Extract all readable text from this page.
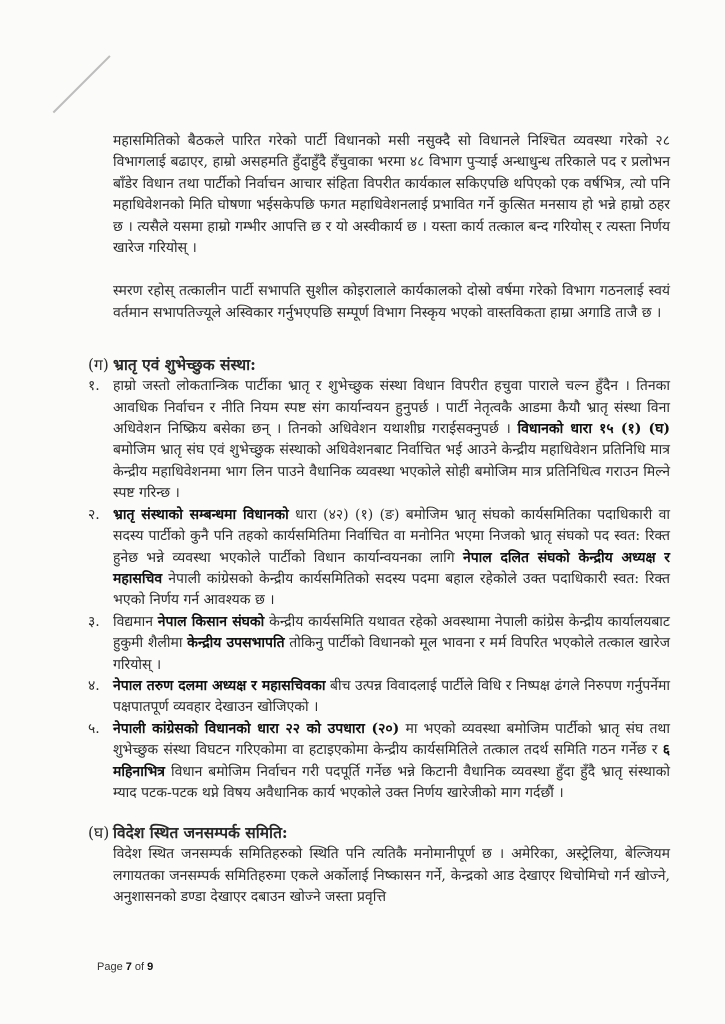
महासमितिको बैठकले पारित गरेको पार्टी विधानको मसी नसुक्दै सो विधानले निश्चित व्यवस्था गरेको २८ विभागलाई बढाएर, हाम्रो असहमति हुँदाहुँदै हँचुवाका भरमा ४८ विभाग पुऱ्याई अन्धाधुन्ध तरिकाले पद र प्रलोभन बाँडेर विधान तथा पार्टीको निर्वाचन आचार संहिता विपरीत कार्यकाल सकिएपछि थपिएको एक वर्षभित्र, त्यो पनि महाधिवेशनको मिति घोषणा भईसकेपछि फगत महाधिवेशनलाई प्रभावित गर्ने कुत्सित मनसाय हो भन्ने हाम्रो ठहर छ । त्यसैले यसमा हाम्रो गम्भीर आपत्ति छ र यो अस्वीकार्य छ । यस्ता कार्य तत्काल बन्द गरियोस् र त्यस्ता निर्णय खारेज गरियोस् ।

स्मरण रहोस् तत्कालीन पार्टी सभापति सुशील कोइरालाले कार्यकालको दोस्रो वर्षमा गरेको विभाग गठनलाई स्वयं वर्तमान सभापतिज्यूले अस्विकार गर्नुभएपछि सम्पूर्ण विभाग निस्कृय भएको वास्तविकता हाम्रा अगाडि ताजै छ ।

(ग) भ्रातृ एवं शुभेच्छुक संस्था:
१. हाम्रो जस्तो लोकतान्त्रिक पार्टीका भ्रातृ र शुभेच्छुक संस्था विधान विपरीत हचुवा पाराले चल्न हुँदैन । तिनका आवधिक निर्वाचन र नीति नियम स्पष्ट संग कार्यान्वयन हुनुपर्छ । पार्टी नेतृत्वकै आडमा कैयौ भ्रातृ संस्था विना अधिवेशन निष्क्रिय बसेका छन् । तिनको अधिवेशन यथाशीघ्र गराईसक्नुपर्छ । विधानको धारा १५ (१) (घ) बमोजिम भ्रातृ संघ एवं शुभेच्छुक संस्थाको अधिवेशनबाट निर्वाचित भई आउने केन्द्रीय महाधिवेशन प्रतिनिधि मात्र केन्द्रीय महाधिवेशनमा भाग लिन पाउने वैधानिक व्यवस्था भएकोले सोही बमोजिम मात्र प्रतिनिधित्व गराउन मिल्ने स्पष्ट गरिन्छ ।
२. भ्रातृ संस्थाको सम्बन्धमा विधानको धारा (४२) (१) (ङ) बमोजिम भ्रातृ संघको कार्यसमितिका पदाधिकारी वा सदस्य पार्टीको कुनै पनि तहको कार्यसमितिमा निर्वाचित वा मनोनित भएमा निजको भ्रातृ संघको पद स्वत: रिक्त हुनेछ भन्ने व्यवस्था भएकोले पार्टीको विधान कार्यान्वयनका लागि नेपाल दलित संघको केन्द्रीय अध्यक्ष र महासचिव नेपाली कांग्रेसको केन्द्रीय कार्यसमितिको सदस्य पदमा बहाल रहेकोले उक्त पदाधिकारी स्वत: रिक्त भएको निर्णय गर्न आवश्यक छ ।
३. विद्यमान नेपाल किसान संघको केन्द्रीय कार्यसमिति यथावत रहेको अवस्थामा नेपाली कांग्रेस केन्द्रीय कार्यालयबाट हुकुमी शैलीमा केन्द्रीय उपसभापति तोकिनु पार्टीको विधानको मूल भावना र मर्म विपरित भएकोले तत्काल खारेज गरियोस् ।
४. नेपाल तरुण दलमा अध्यक्ष र महासचिवका बीच उत्पन्न विवादलाई पार्टीले विधि र निष्पक्ष ढंगले निरुपण गर्नुपर्नेमा पक्षपातपूर्ण व्यवहार देखाउन खोजिएको ।
५. नेपाली कांग्रेसको विधानको धारा २२ को उपधारा (२०) मा भएको व्यवस्था बमोजिम पार्टीको भ्रातृ संघ तथा शुभेच्छुक संस्था विघटन गरिएकोमा वा हटाइएकोमा केन्द्रीय कार्यसमितिले तत्काल तदर्थ समिति गठन गर्नेछ र ६ महिनाभित्र विधान बमोजिम निर्वाचन गरी पदपूर्ति गर्नेछ भन्ने किटानी वैधानिक व्यवस्था हुँदा हुँदै भ्रातृ संस्थाको म्याद पटक-पटक थप्ने विषय अवैधानिक कार्य भएकोले उक्त निर्णय खारेजीको माग गर्दछौं ।
(घ) विदेश स्थित जनसम्पर्क समिति:

विदेश स्थित जनसम्पर्क समितिहरुको स्थिति पनि त्यतिकै मनोमानीपूर्ण छ । अमेरिका, अस्ट्रेलिया, बेल्जियम लगायतका जनसम्पर्क समितिहरुमा एकले अर्कोलाई निष्कासन गर्ने, केन्द्रको आड देखाएर थिचोमिचो गर्न खोज्ने, अनुशासनको डण्डा देखाएर दबाउन खोज्ने जस्ता प्रवृत्ति

Page 7 of 9
